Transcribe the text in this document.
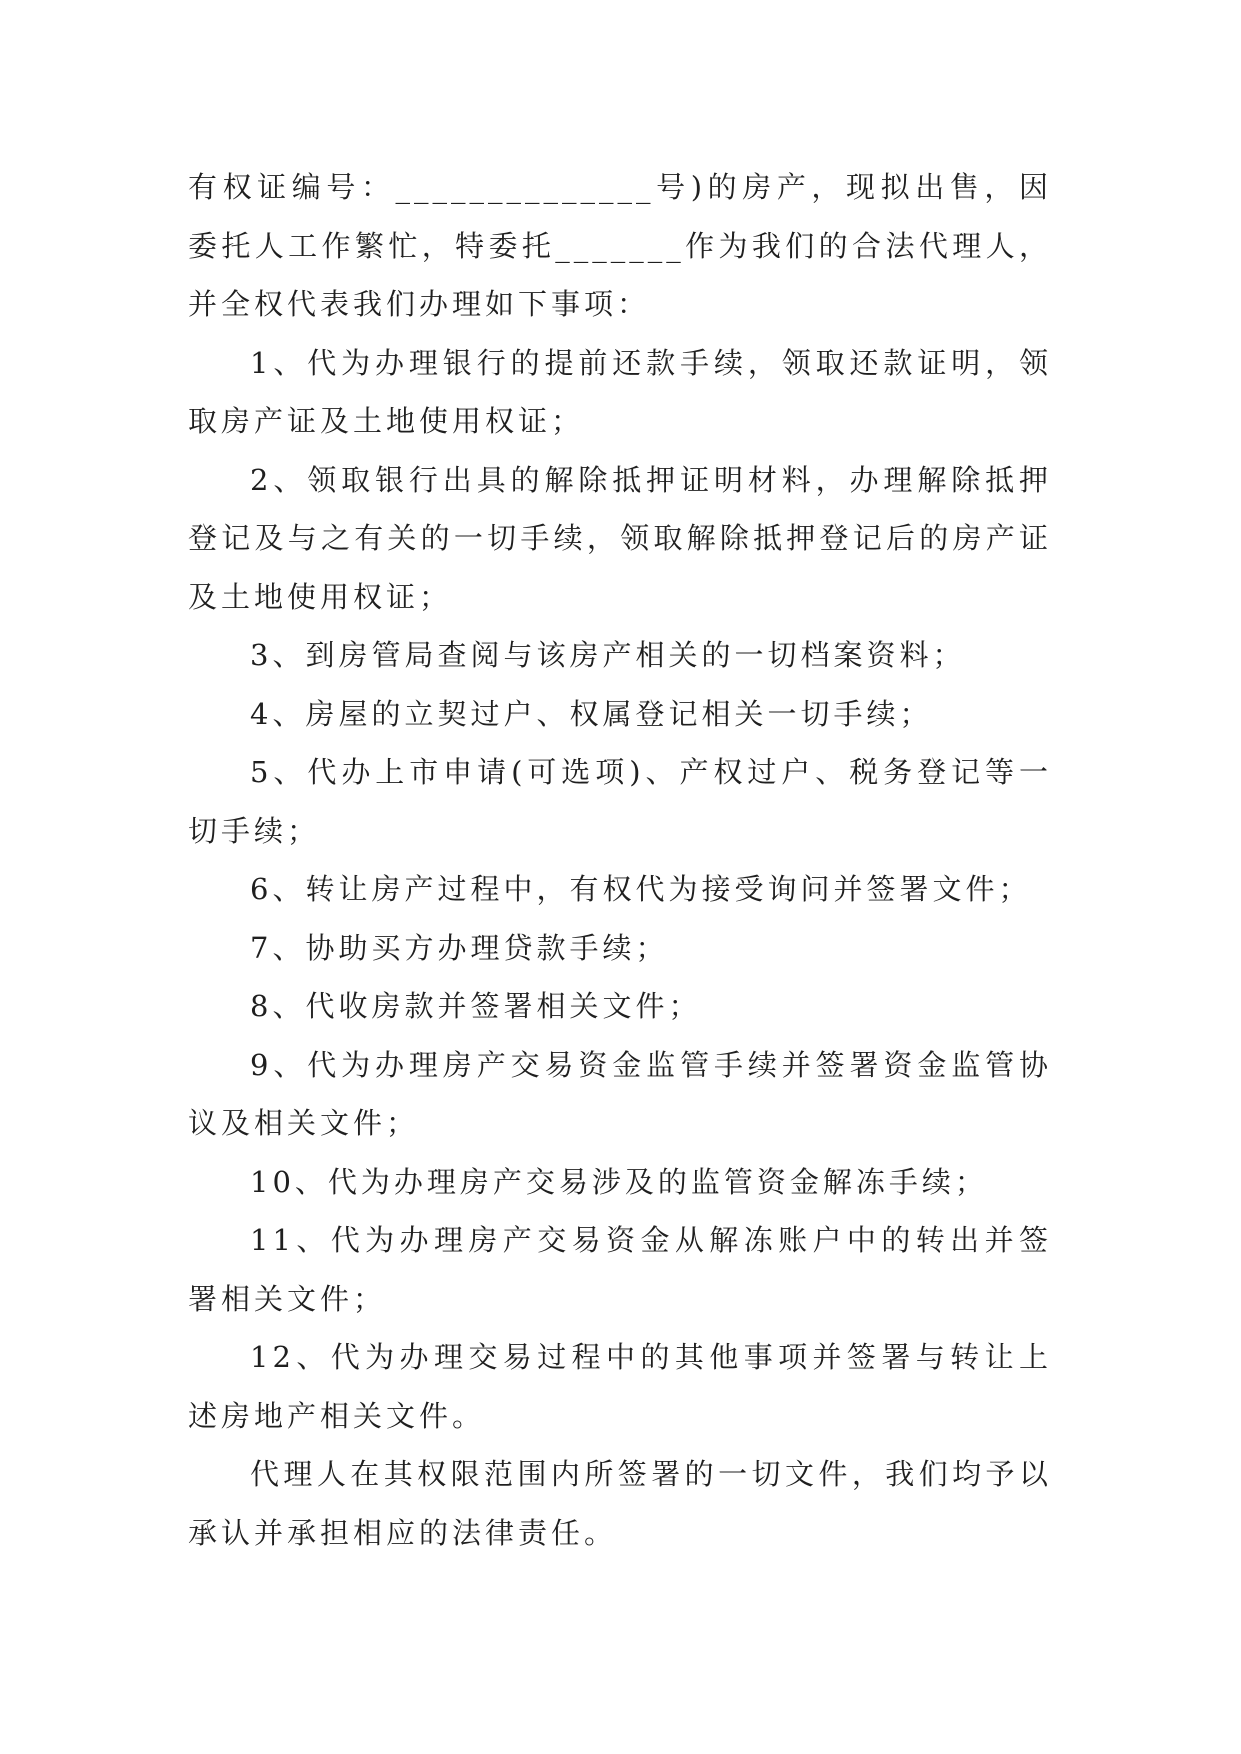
有权证编号：______________号)的房产，现拟出售，因委托人工作繁忙，特委托_______作为我们的合法代理人，并全权代表我们办理如下事项：

1、代为办理银行的提前还款手续，领取还款证明，领取房产证及土地使用权证；

2、领取银行出具的解除抵押证明材料，办理解除抵押登记及与之有关的一切手续，领取解除抵押登记后的房产证及土地使用权证；

3、到房管局查阅与该房产相关的一切档案资料；

4、房屋的立契过户、权属登记相关一切手续；

5、代办上市申请(可选项)、产权过户、税务登记等一切手续；

6、转让房产过程中，有权代为接受询问并签署文件；

7、协助买方办理贷款手续；

8、代收房款并签署相关文件；

9、代为办理房产交易资金监管手续并签署资金监管协议及相关文件；

10、代为办理房产交易涉及的监管资金解冻手续；

11、代为办理房产交易资金从解冻账户中的转出并签署相关文件；

12、代为办理交易过程中的其他事项并签署与转让上述房地产相关文件。

代理人在其权限范围内所签署的一切文件，我们均予以承认并承担相应的法律责任。
